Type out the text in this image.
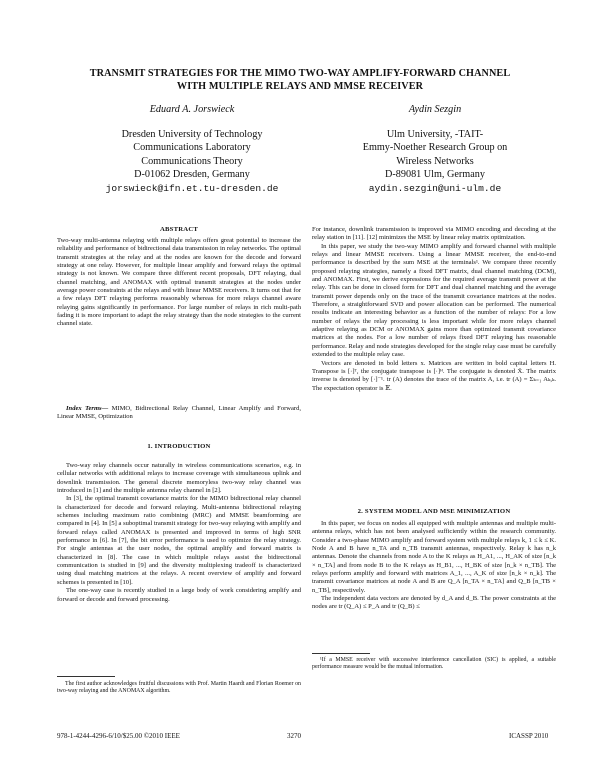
TRANSMIT STRATEGIES FOR THE MIMO TWO-WAY AMPLIFY-FORWARD CHANNEL
WITH MULTIPLE RELAYS AND MMSE RECEIVER
Eduard A. Jorswieck
Dresden University of Technology
Communications Laboratory
Communications Theory
D-01062 Dresden, Germany
jorswieck@ifn.et.tu-dresden.de
Aydin Sezgin
Ulm University, -TAIT-
Emmy-Noether Research Group on
Wireless Networks
D-89081 Ulm, Germany
aydin.sezgin@uni-ulm.de
ABSTRACT

Two-way multi-antenna relaying with multiple relays offers great potential to increase the reliability and performance of bidirectional data transmission in relay networks. The optimal transmit strategies at the relay and at the nodes are known for the decode and forward strategy at one relay. However, for multiple linear amplify and forward relays the optimal strategy is not known. We compare three different recent proposals, DFT relaying, dual channel matching, and ANOMAX with optimal transmit strategies at the nodes under average power constraints at the relays and with linear MMSE receivers. It turns out that for a few relays DFT relaying performs reasonably whereas for more relays channel aware relaying gains significantly in performance. For large number of relays in rich multi-path fading it is more important to adapt the relay strategy than the node strategies to the current channel state.

Index Terms— MIMO, Bidirectional Relay Channel, Linear Amplify and Forward, Linear MMSE, Optimization

1. INTRODUCTION

Two-way relay channels occur naturally in wireless communications scenarios, e.g. in cellular networks with additional relays to increase coverage with simultaneous uplink and downlink transmission. The general discrete memoryless two-way relay channel was introduced in [1] and the multiple antenna relay channel in [2].

In [3], the optimal transmit covariance matrix for the MIMO bidirectional relay channel is characterized for decode and forward relaying. Multi-antenna bidirectional relaying schemes including maximum ratio combining (MRC) and MMSE beamforming are compared in [4]. In [5] a suboptimal transmit strategy for two-way relaying with amplify and forward relays called ANOMAX is presented and improved in terms of high SNR performance in [6]. In [7], the bit error performance is used to optimize the relay strategy. For single antennas at the user nodes, the optimal amplify and forward matrix is characterized in [8]. The case in which multiple relays assist the bidirectional communication is studied in [9] and the diversity multiplexing tradeoff is characterized using dual matching matrices at the relays. A recent overview of amplify and forward schemes is presented in [10].

The one-way case is recently studied in a large body of work considering amplify and forward or decode and forward processing.

The first author acknowledges fruitful discussions with Prof. Martin Haardt and Florian Roemer on two-way relaying and the ANOMAX algorithm.

For instance, downlink transmission is improved via MIMO encoding and decoding at the relay station in [11]. [12] minimizes the MSE by linear relay matrix optimization.

In this paper, we study the two-way MIMO amplify and forward channel with multiple relays and linear MMSE receivers. Using a linear MMSE receiver, the end-to-end performance is described by the sum MSE at the terminals¹. We compare three recently proposed relaying strategies, namely a fixed DFT matrix, dual channel matching (DCM), and ANOMAX. First, we derive expressions for the required average transmit power at the relay. This can be done in closed form for DFT and dual channel matching and the average transmit power depends only on the trace of the transmit covariance matrices at the nodes. Therefore, a straightforward SVD and power allocation can be performed. The numerical results indicate an interesting behavior as a function of the number of relays: For a low number of relays the relay processing is less important while for more relays channel adaptive relaying as DCM or ANOMAX gains more than optimized transmit covariance matrices at the nodes. For a low number of relays fixed DFT relaying has reasonable performance. Relay and node strategies developed for the single relay case must be carefully extended to the multiple relay case.

Vectors are denoted in bold letters x. Matrices are written in bold capital letters H. Transpose is [·]ᵀ, the conjugate transpose is [·]ᴴ. The conjugate is denoted X̄. The matrix inverse is denoted by [·]⁻¹. tr (A) denotes the trace of the matrix A, i.e. tr (A) = Σₖ₌₁ Aₖ,ₖ. The expectation operator is 𝔼.

2. SYSTEM MODEL AND MSE MINIMIZATION

In this paper, we focus on nodes all equipped with multiple antennas and multiple multi-antenna relays, which has not been analysed sufficiently within the research community. Consider a two-phase MIMO amplify and forward system with multiple relays k, 1 ≤ k ≤ K. Node A and B have n_TA and n_TB transmit antennas, respectively. Relay k has n_k antennas. Denote the channels from node A to the K relays as H_A1, ..., H_AK of size [n_k × n_TA] and from node B to the K relays as H_B1, ..., H_BK of size [n_k × n_TB]. The relays perform amplify and forward with matrices A_1, ..., A_K of size [n_k × n_k]. The transmit covariance matrices at node A and B are Q_A [n_TA × n_TA] and Q_B [n_TB × n_TB], respectively.

The independent data vectors are denoted by d_A and d_B. The power constraints at the nodes are tr (Q_A) ≤ P_A and tr (Q_B) ≤

¹If a MMSE receiver with successive interference cancellation (SIC) is applied, a suitable performance measure would be the mutual information.

978-1-4244-4296-6/10/$25.00 ©2010 IEEE	3270	ICASSP 2010
